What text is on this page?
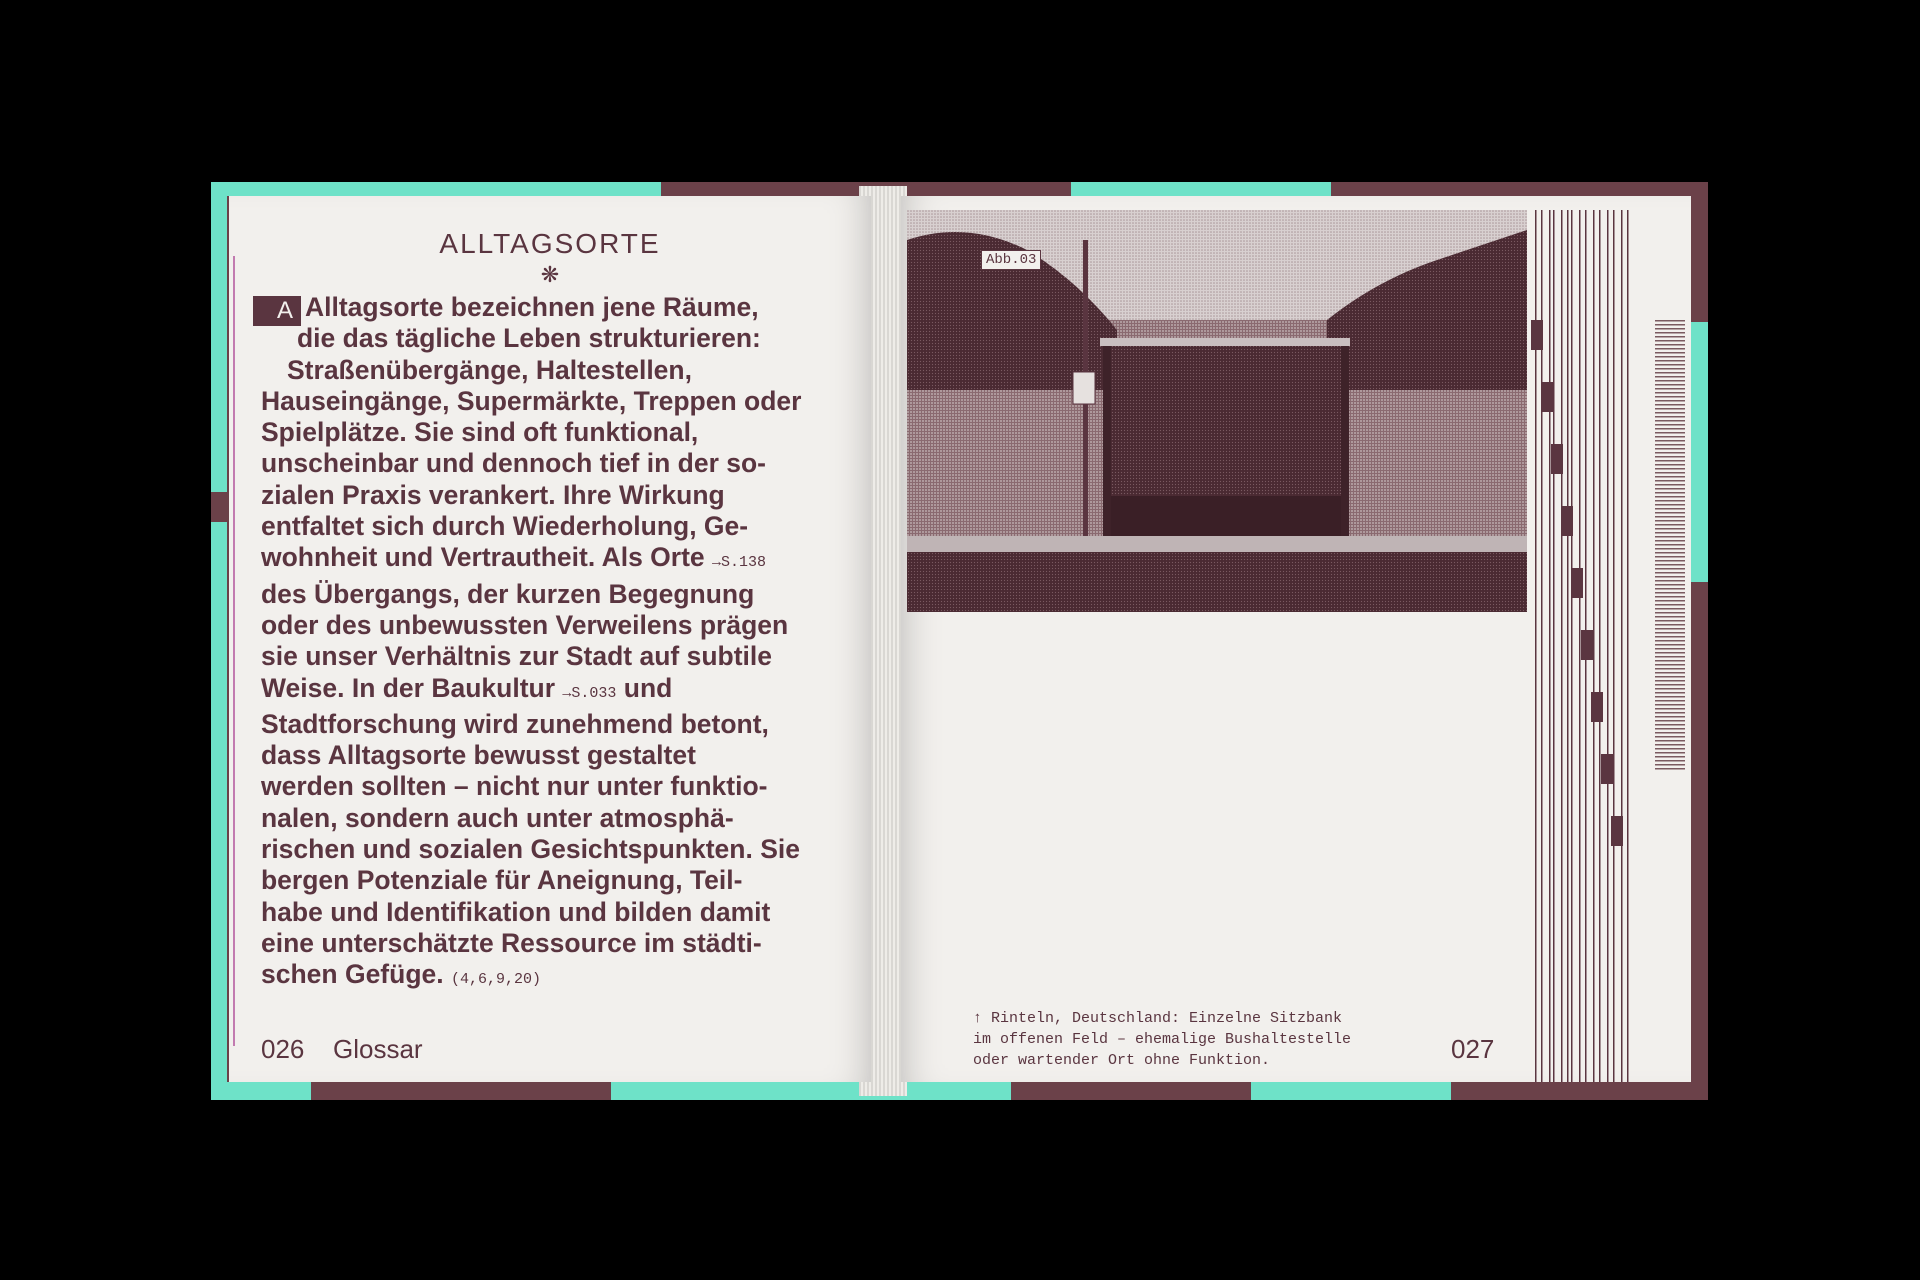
ALLTAGSORTE
❋
A Alltagsorte bezeichnen jene Räume,
die das tägliche Leben strukturieren:
Straßenübergänge, Haltestellen,
Hauseingänge, Supermärkte, Treppen oder
Spielplätze. Sie sind oft funktional,
unscheinbar und dennoch tief in der so-
zialen Praxis verankert. Ihre Wirkung
entfaltet sich durch Wiederholung, Ge-
wohnheit und Vertrautheit. Als Orte →S.138
des Übergangs, der kurzen Begegnung
oder des unbewussten Verweilens prägen
sie unser Verhältnis zur Stadt auf subtile
Weise. In der Baukultur →S.033 und
Stadtforschung wird zunehmend betont,
dass Alltagsorte bewusst gestaltet
werden sollten – nicht nur unter funktio-
nalen, sondern auch unter atmosphä-
rischen und sozialen Gesichtspunkten. Sie
bergen Potenziale für Aneignung, Teil-
habe und Identifikation und bilden damit
eine unterschätzte Ressource im städti-
schen Gefüge. (4,6,9,20)
026 Glossar
Abb.03
↑ Rinteln, Deutschland: Einzelne Sitzbank
im offenen Feld – ehemalige Bushaltestelle
oder wartender Ort ohne Funktion.	027
